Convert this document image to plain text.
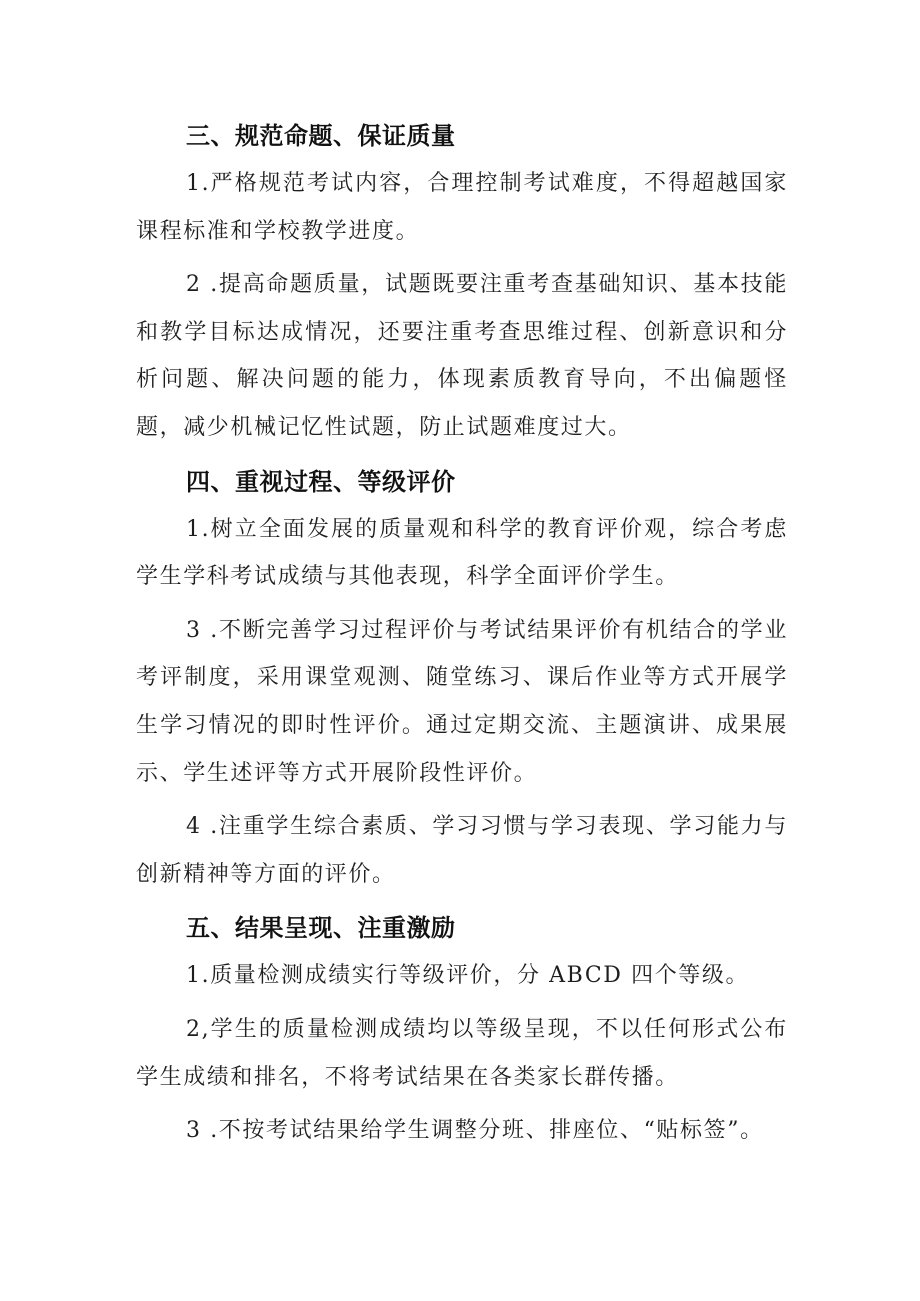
三、规范命题、保证质量

1.严格规范考试内容，合理控制考试难度，不得超越国家课程标准和学校教学进度。

2 .提高命题质量，试题既要注重考查基础知识、基本技能和教学目标达成情况，还要注重考查思维过程、创新意识和分析问题、解决问题的能力，体现素质教育导向，不出偏题怪题，减少机械记忆性试题，防止试题难度过大。

四、重视过程、等级评价

1.树立全面发展的质量观和科学的教育评价观，综合考虑学生学科考试成绩与其他表现，科学全面评价学生。

3 .不断完善学习过程评价与考试结果评价有机结合的学业考评制度，采用课堂观测、随堂练习、课后作业等方式开展学生学习情况的即时性评价。通过定期交流、主题演讲、成果展示、学生述评等方式开展阶段性评价。

4 .注重学生综合素质、学习习惯与学习表现、学习能力与创新精神等方面的评价。

五、结果呈现、注重激励

1.质量检测成绩实行等级评价，分 ABCD 四个等级。

2,学生的质量检测成绩均以等级呈现，不以任何形式公布学生成绩和排名，不将考试结果在各类家长群传播。

3 .不按考试结果给学生调整分班、排座位、“贴标签”。
